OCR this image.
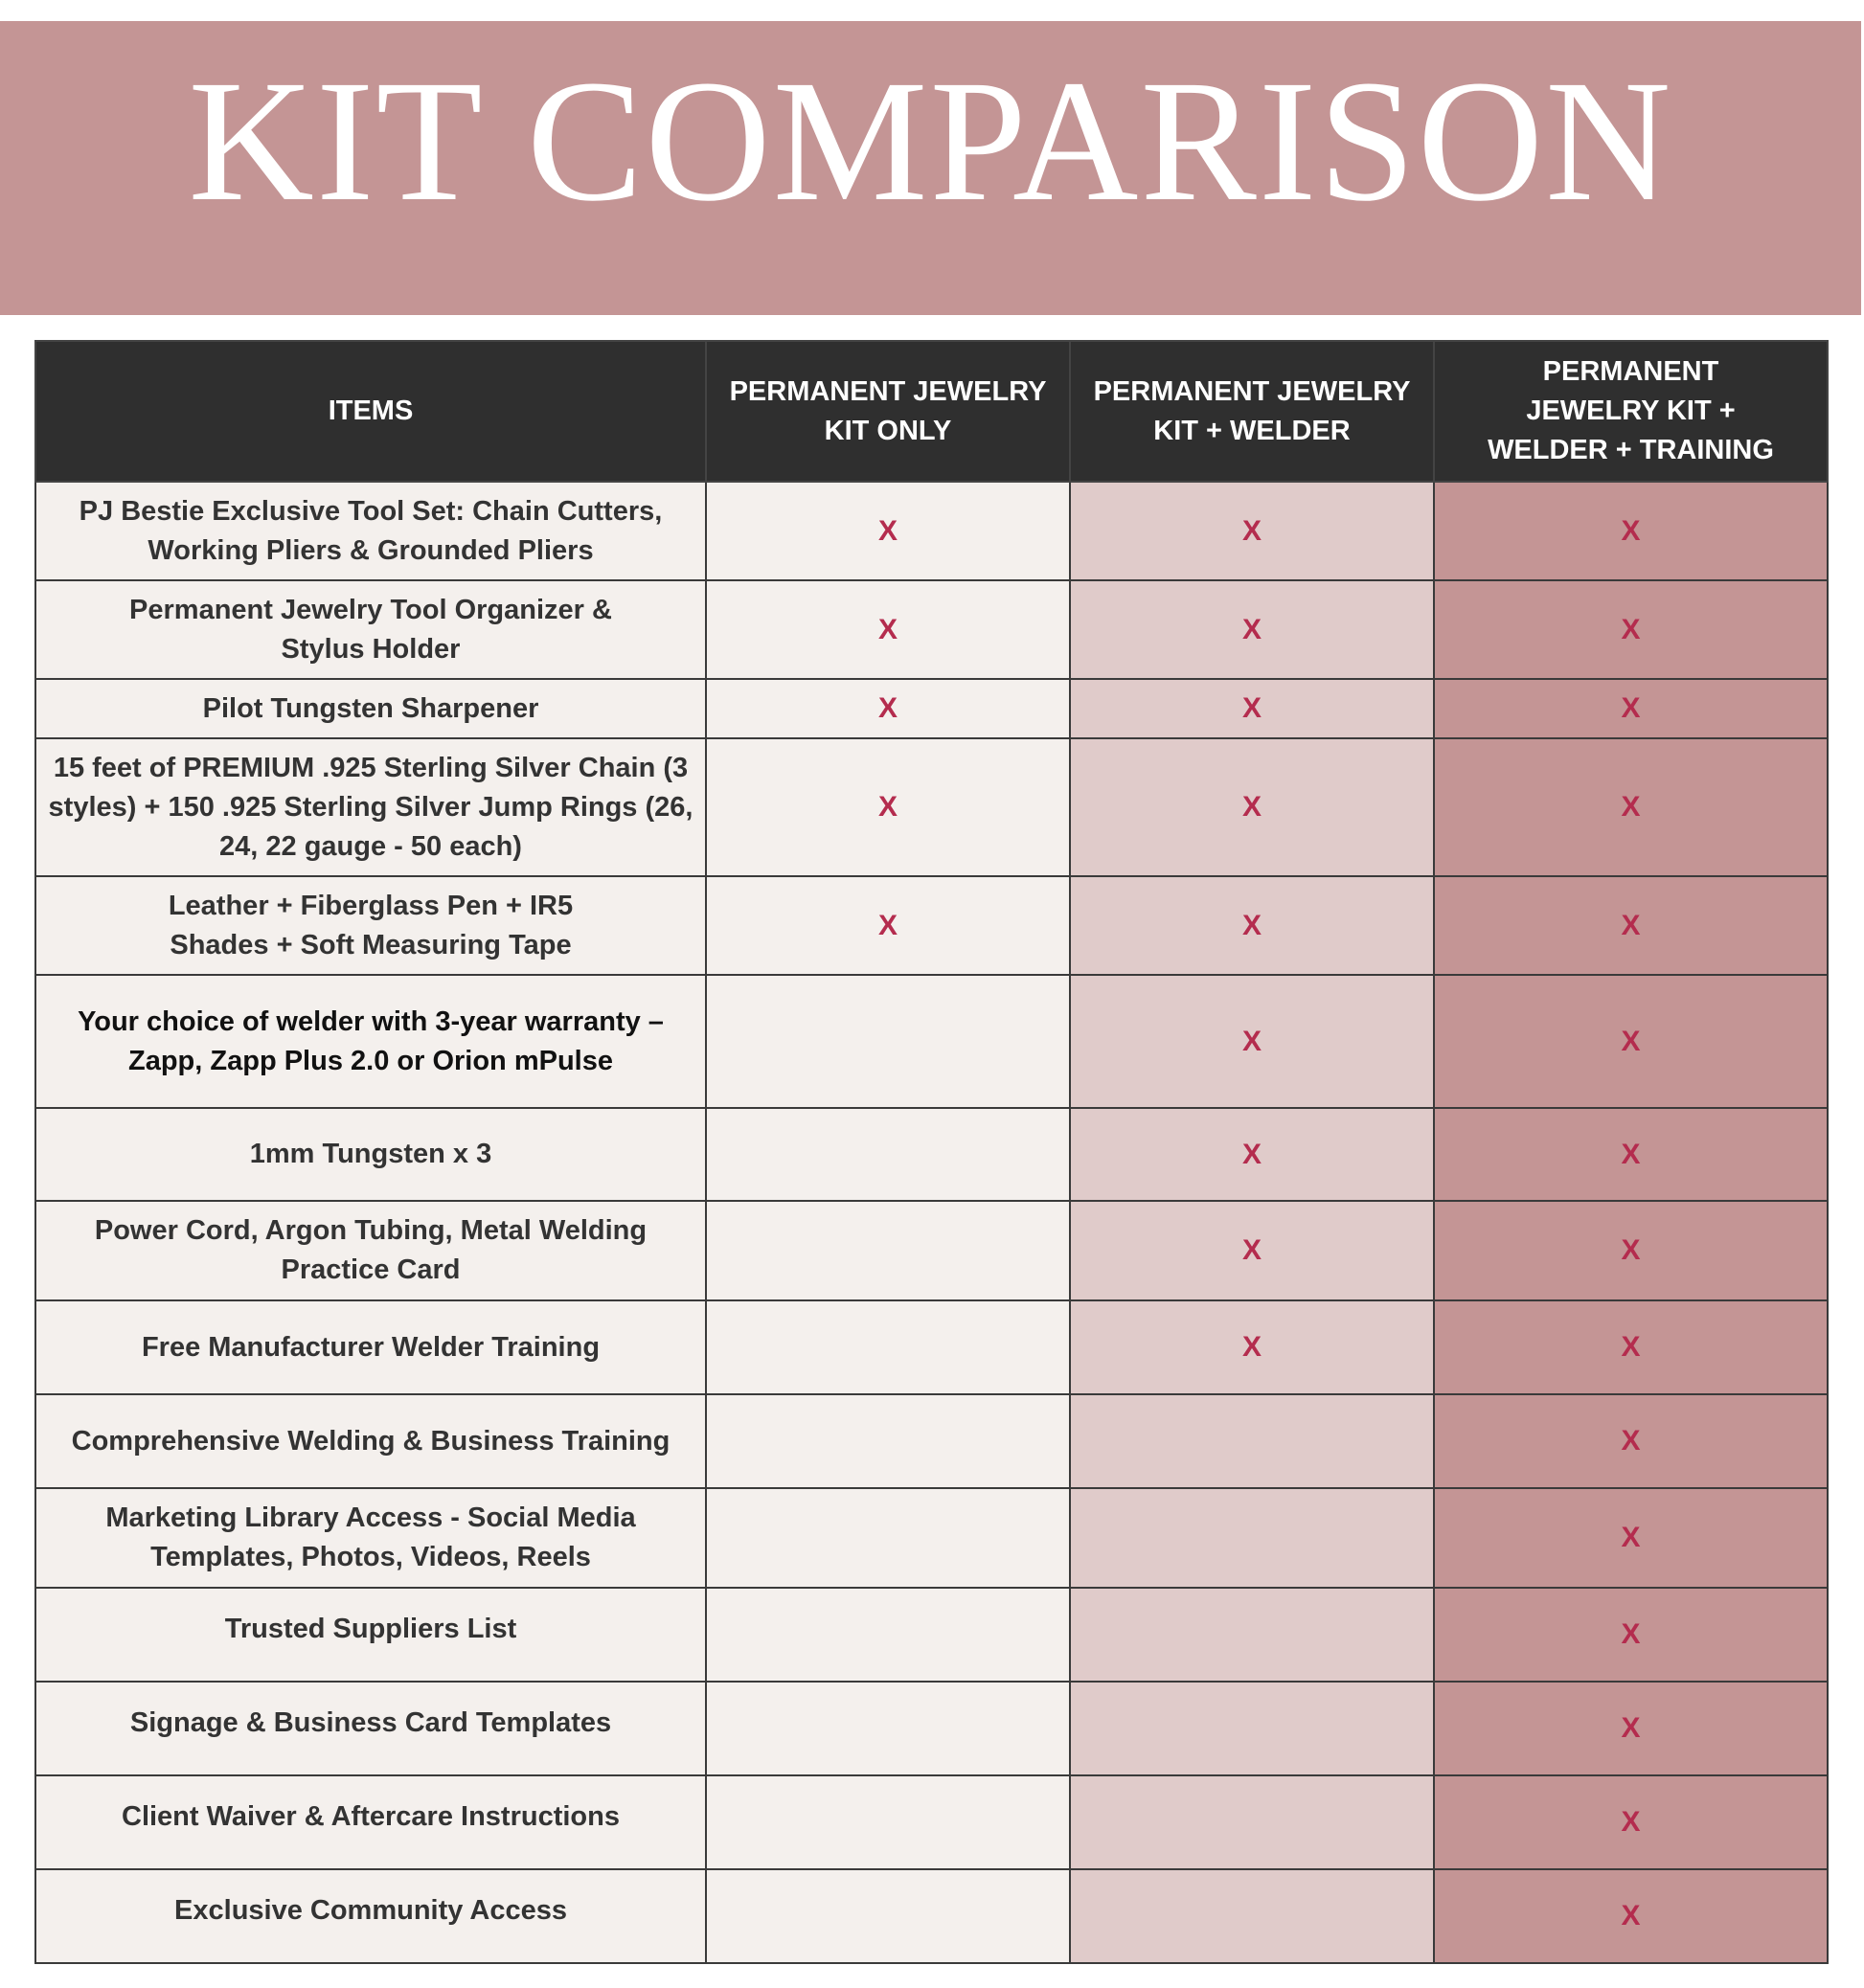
KIT COMPARISON
ITEMS	PERMANENT JEWELRY KIT ONLY	PERMANENT JEWELRY KIT + WELDER	PERMANENT JEWELRY KIT + WELDER + TRAINING

PJ Bestie Exclusive Tool Set: Chain Cutters, Working Pliers & Grounded Pliers	X	X	X
Permanent Jewelry Tool Organizer & Stylus Holder	X	X	X
Pilot Tungsten Sharpener	X	X	X
15 feet of PREMIUM .925 Sterling Silver Chain (3 styles) + 150 .925 Sterling Silver Jump Rings (26, 24, 22 gauge - 50 each)	X	X	X
Leather + Fiberglass Pen + IR5 Shades + Soft Measuring Tape	X	X	X
Your choice of welder with 3-year warranty – Zapp, Zapp Plus 2.0 or Orion mPulse		X	X
1mm Tungsten x 3		X	X
Power Cord, Argon Tubing, Metal Welding Practice Card		X	X
Free Manufacturer Welder Training		X	X
Comprehensive Welding & Business Training			X
Marketing Library Access - Social Media Templates, Photos, Videos, Reels			X
Trusted Suppliers List			X
Signage & Business Card Templates			X
Client Waiver & Aftercare Instructions			X
Exclusive Community Access			X
